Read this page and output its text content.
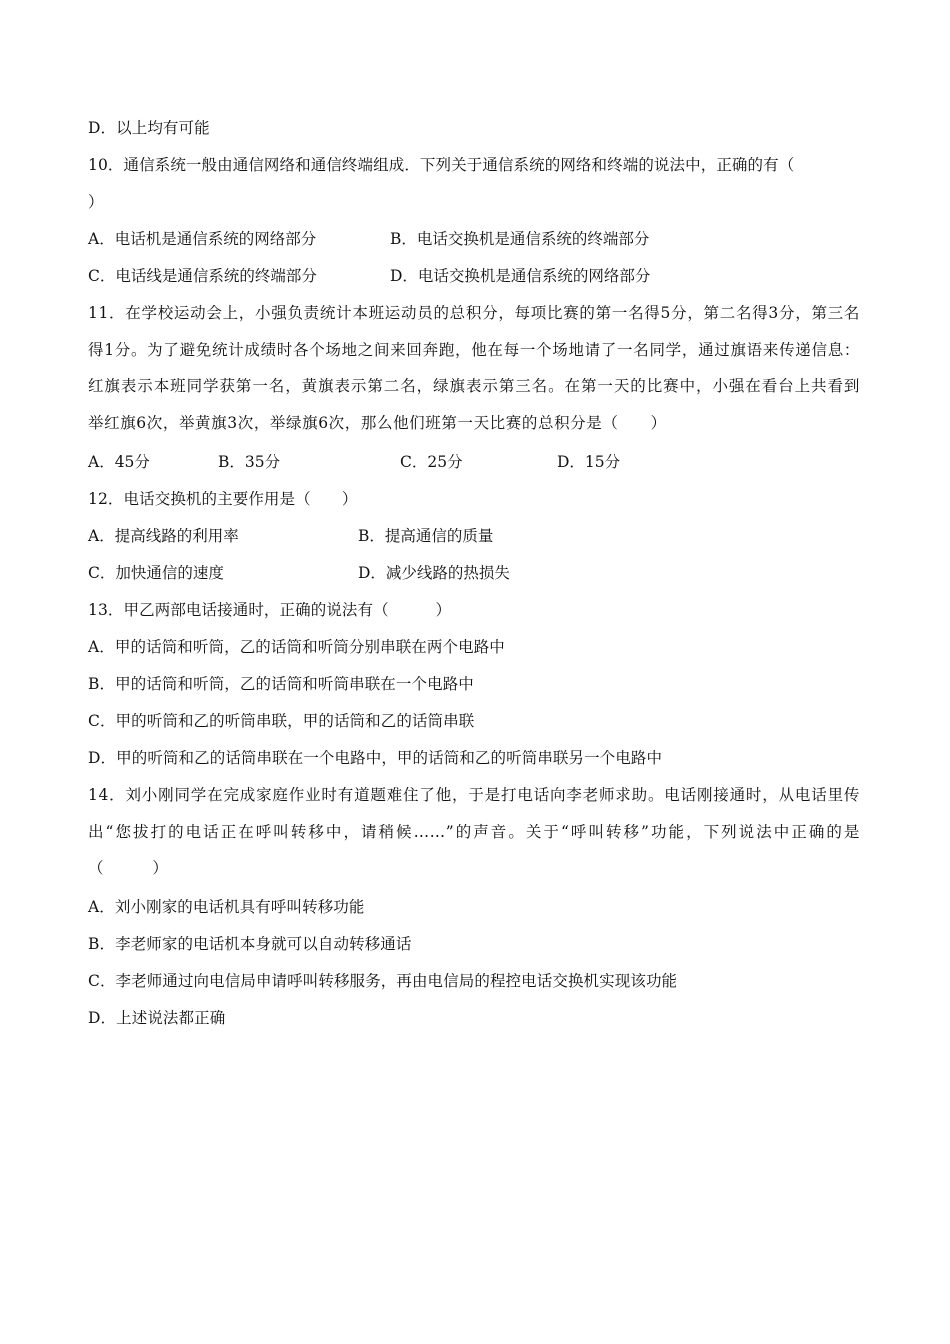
D．以上均有可能
10．通信系统一般由通信网络和通信终端组成．下列关于通信系统的网络和终端的说法中，正确的有（
）
A．电话机是通信系统的网络部分	B．电话交换机是通信系统的终端部分
C．电话线是通信系统的终端部分	D．电话交换机是通信系统的网络部分
11．在学校运动会上，小强负责统计本班运动员的总积分，每项比赛的第一名得5分，第二名得3分，第三名得1分。为了避免统计成绩时各个场地之间来回奔跑，他在每一个场地请了一名同学，通过旗语来传递信息：红旗表示本班同学获第一名，黄旗表示第二名，绿旗表示第三名。在第一天的比赛中，小强在看台上共看到举红旗6次，举黄旗3次，举绿旗6次，那么他们班第一天比赛的总积分是（　　）
A．45分	B．35分	C．25分	D．15分
12．电话交换机的主要作用是（　　）
A．提高线路的利用率	B．提高通信的质量
C．加快通信的速度	D．减少线路的热损失
13．甲乙两部电话接通时，正确的说法有（　　　）
A．甲的话筒和听筒，乙的话筒和听筒分别串联在两个电路中
B．甲的话筒和听筒，乙的话筒和听筒串联在一个电路中
C．甲的听筒和乙的听筒串联，甲的话筒和乙的话筒串联
D．甲的听筒和乙的话筒串联在一个电路中，甲的话筒和乙的听筒串联另一个电路中
14．刘小刚同学在完成家庭作业时有道题难住了他，于是打电话向李老师求助。电话刚接通时，从电话里传出“您拔打的电话正在呼叫转移中，请稍候……”的声音。关于“呼叫转移”功能，下列说法中正确的是（　　　）
A．刘小刚家的电话机具有呼叫转移功能
B．李老师家的电话机本身就可以自动转移通话
C．李老师通过向电信局申请呼叫转移服务，再由电信局的程控电话交换机实现该功能
D．上述说法都正确
